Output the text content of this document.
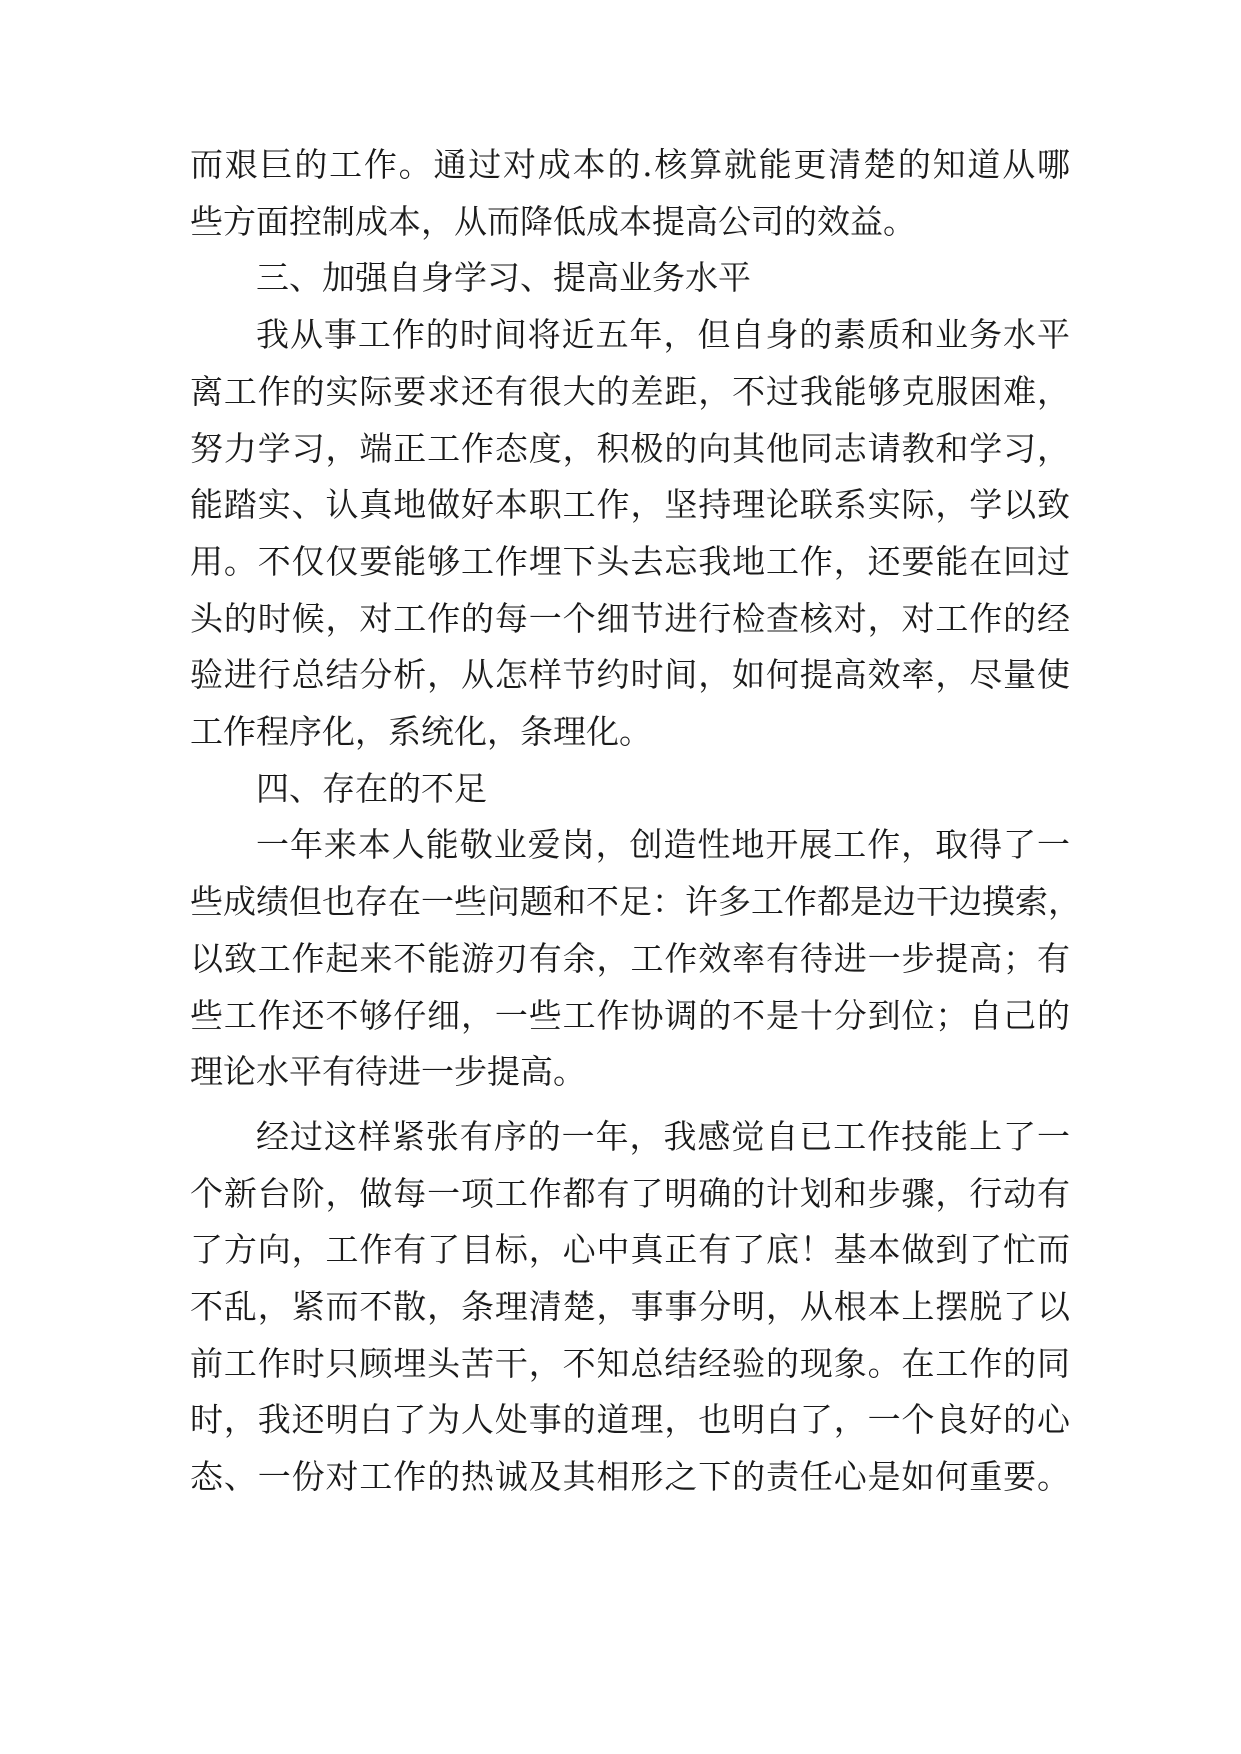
而艰巨的工作。通过对成本的.核算就能更清楚的知道从哪
些方面控制成本，从而降低成本提高公司的效益。
三、加强自身学习、提高业务水平
我从事工作的时间将近五年，但自身的素质和业务水平
离工作的实际要求还有很大的差距，不过我能够克服困难，
努力学习，端正工作态度，积极的向其他同志请教和学习，
能踏实、认真地做好本职工作，坚持理论联系实际，学以致
用。不仅仅要能够工作埋下头去忘我地工作，还要能在回过
头的时候，对工作的每一个细节进行检查核对，对工作的经
验进行总结分析，从怎样节约时间，如何提高效率，尽量使
工作程序化，系统化，条理化。
四、存在的不足
一年来本人能敬业爱岗，创造性地开展工作，取得了一
些成绩但也存在一些问题和不足：许多工作都是边干边摸索，
以致工作起来不能游刃有余，工作效率有待进一步提高；有
些工作还不够仔细，一些工作协调的不是十分到位；自己的
理论水平有待进一步提高。
经过这样紧张有序的一年，我感觉自已工作技能上了一
个新台阶，做每一项工作都有了明确的计划和步骤，行动有
了方向，工作有了目标，心中真正有了底！基本做到了忙而
不乱，紧而不散，条理清楚，事事分明，从根本上摆脱了以
前工作时只顾埋头苦干，不知总结经验的现象。在工作的同
时，我还明白了为人处事的道理，也明白了，一个良好的心
态、一份对工作的热诚及其相形之下的责任心是如何重要。
